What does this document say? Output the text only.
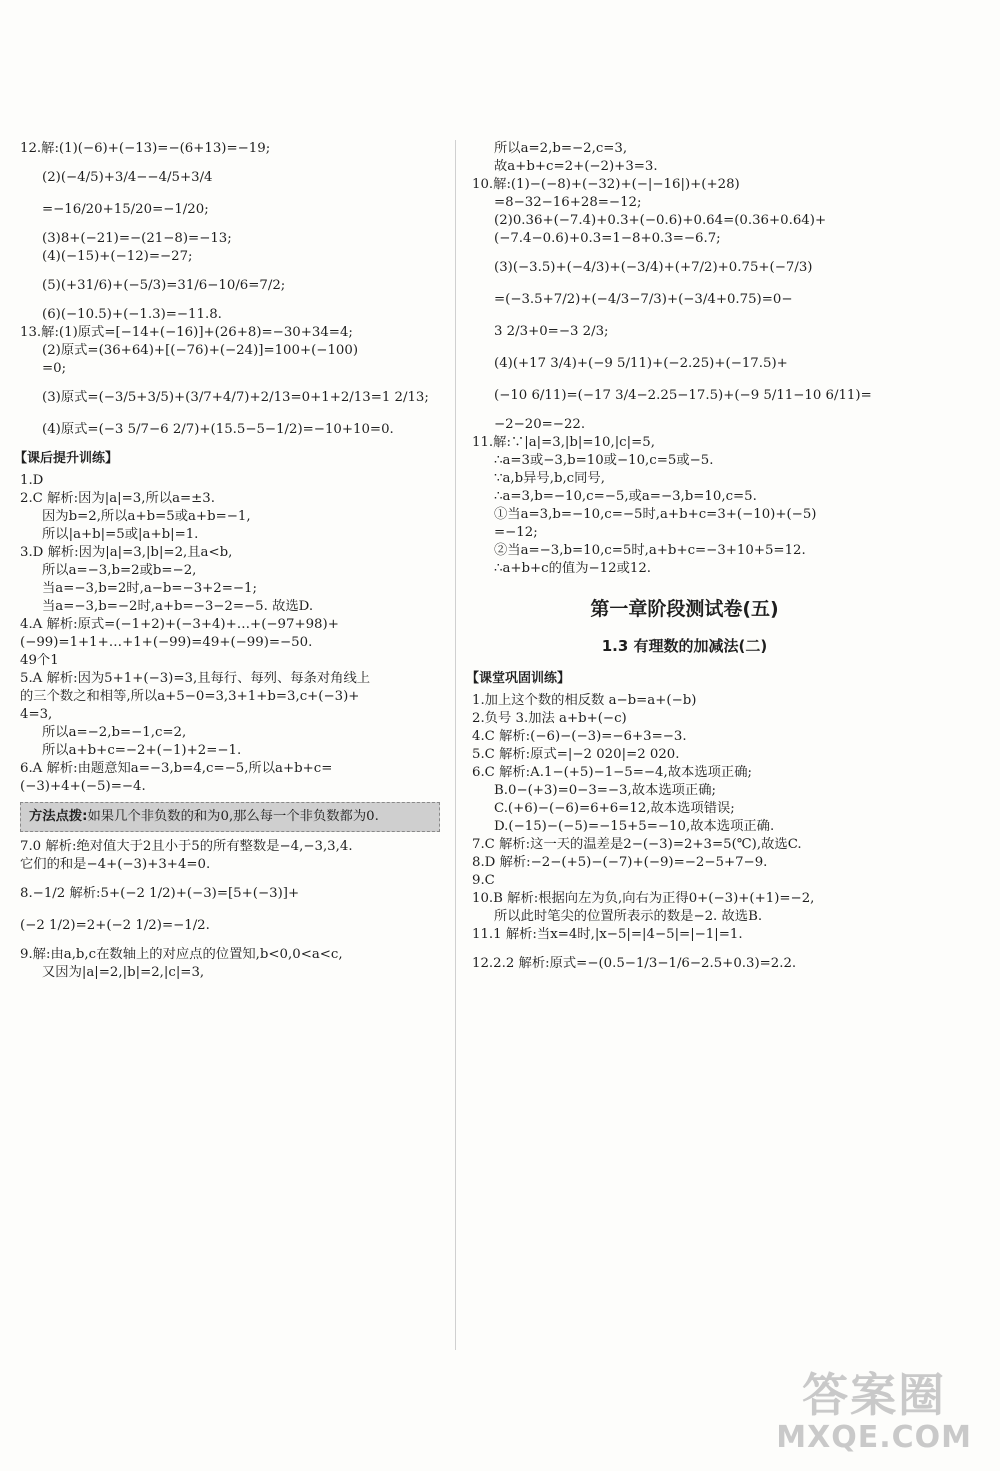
12.解:(1)(−6)+(−13)=−(6+13)=−19;
(2)(−4/5)+3/4−−4/5+3/4
=−16/20+15/20=−1/20;
(3)8+(−21)=−(21−8)=−13;
(4)(−15)+(−12)=−27;
(5)(+31/6)+(−5/3)=31/6−10/6=7/2;
(6)(−10.5)+(−1.3)=−11.8.
13.解:(1)原式=[−14+(−16)]+(26+8)=−30+34=4;
(2)原式=(36+64)+[(−76)+(−24)]=100+(−100)
=0;
(3)原式=(−3/5+3/5)+(3/7+4/7)+2/13=0+1+2/13=1 2/13;
(4)原式=(−3 5/7−6 2/7)+(15.5−5−1/2)=−10+10=0.
【课后提升训练】
1.D
2.C 解析:因为|a|=3,所以a=±3.
因为b=2,所以a+b=5或a+b=−1,
所以|a+b|=5或|a+b|=1.
3.D 解析:因为|a|=3,|b|=2,且a<b,
所以a=−3,b=2或b=−2,
当a=−3,b=2时,a−b=−3+2=−1;
当a=−3,b=−2时,a+b=−3−2=−5. 故选D.
4.A 解析:原式=(−1+2)+(−3+4)+…+(−97+98)+
(−99)=1+1+…+1+(−99)=49+(−99)=−50.
49个1
5.A 解析:因为5+1+(−3)=3,且每行、每列、每条对角线上
的三个数之和相等,所以a+5−0=3,3+1+b=3,c+(−3)+
4=3,
所以a=−2,b=−1,c=2,
所以a+b+c=−2+(−1)+2=−1.
6.A 解析:由题意知a=−3,b=4,c=−5,所以a+b+c=
(−3)+4+(−5)=−4.
方法点拨:如果几个非负数的和为0,那么每一个非负数都为0.
7.0 解析:绝对值大于2且小于5的所有整数是−4,−3,3,4.
它们的和是−4+(−3)+3+4=0.
8.−1/2 解析:5+(−2 1/2)+(−3)=[5+(−3)]+
(−2 1/2)=2+(−2 1/2)=−1/2.
9.解:由a,b,c在数轴上的对应点的位置知,b<0,0<a<c,
又因为|a|=2,|b|=2,|c|=3,
所以a=2,b=−2,c=3,
故a+b+c=2+(−2)+3=3.
10.解:(1)−(−8)+(−32)+(−|−16|)+(+28)
=8−32−16+28=−12;
(2)0.36+(−7.4)+0.3+(−0.6)+0.64=(0.36+0.64)+
(−7.4−0.6)+0.3=1−8+0.3=−6.7;
(3)(−3.5)+(−4/3)+(−3/4)+(+7/2)+0.75+(−7/3)
=(−3.5+7/2)+(−4/3−7/3)+(−3/4+0.75)=0−
3 2/3+0=−3 2/3;
(4)(+17 3/4)+(−9 5/11)+(−2.25)+(−17.5)+
(−10 6/11)=(−17 3/4−2.25−17.5)+(−9 5/11−10 6/11)=
−2−20=−22.
11.解:∵|a|=3,|b|=10,|c|=5,
∴a=3或−3,b=10或−10,c=5或−5.
∵a,b异号,b,c同号,
∴a=3,b=−10,c=−5,或a=−3,b=10,c=5.
①当a=3,b=−10,c=−5时,a+b+c=3+(−10)+(−5)
=−12;
②当a=−3,b=10,c=5时,a+b+c=−3+10+5=12.
∴a+b+c的值为−12或12.
第一章阶段测试卷(五)
1.3 有理数的加减法(二)
【课堂巩固训练】
1.加上这个数的相反数 a−b=a+(−b)
2.负号 3.加法 a+b+(−c)
4.C 解析:(−6)−(−3)=−6+3=−3.
5.C 解析:原式=|−2 020|=2 020.
6.C 解析:A.1−(+5)−1−5=−4,故本选项正确;
B.0−(+3)=0−3=−3,故本选项正确;
C.(+6)−(−6)=6+6=12,故本选项错误;
D.(−15)−(−5)=−15+5=−10,故本选项正确.
7.C 解析:这一天的温差是2−(−3)=2+3=5(℃),故选C.
8.D 解析:−2−(+5)−(−7)+(−9)=−2−5+7−9.
9.C
10.B 解析:根据向左为负,向右为正得0+(−3)+(+1)=−2,
所以此时笔尖的位置所表示的数是−2. 故选B.
11.1 解析:当x=4时,|x−5|=|4−5|=|−1|=1.
12.2.2 解析:原式=−(0.5−1/3−1/6−2.5+0.3)=2.2.
答案圈
MXQE.COM
